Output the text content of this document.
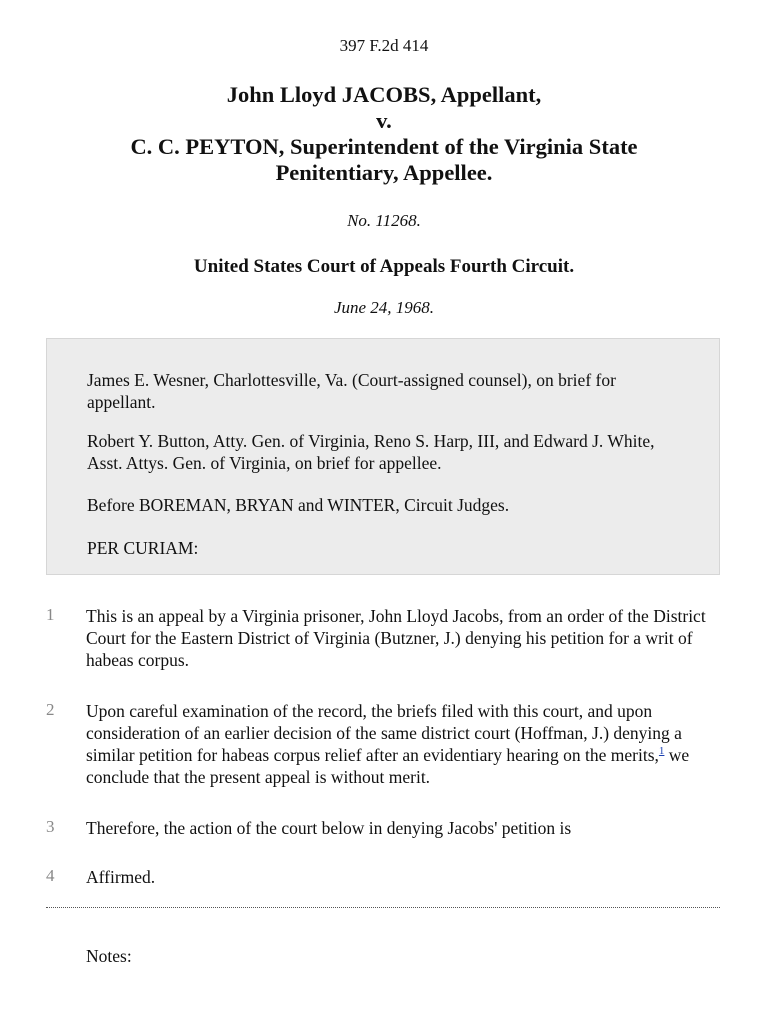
397 F.2d 414
John Lloyd JACOBS, Appellant,
v.
C. C. PEYTON, Superintendent of the Virginia State
Penitentiary, Appellee.
No. 11268.
United States Court of Appeals Fourth Circuit.
June 24, 1968.
James E. Wesner, Charlottesville, Va. (Court-assigned counsel), on brief for appellant.
Robert Y. Button, Atty. Gen. of Virginia, Reno S. Harp, III, and Edward J. White, Asst. Attys. Gen. of Virginia, on brief for appellee.
Before BOREMAN, BRYAN and WINTER, Circuit Judges.
PER CURIAM:
1 This is an appeal by a Virginia prisoner, John Lloyd Jacobs, from an order of the District Court for the Eastern District of Virginia (Butzner, J.) denying his petition for a writ of habeas corpus.
2 Upon careful examination of the record, the briefs filed with this court, and upon consideration of an earlier decision of the same district court (Hoffman, J.) denying a similar petition for habeas corpus relief after an evidentiary hearing on the merits,$^1$ we conclude that the present appeal is without merit.
3 Therefore, the action of the court below in denying Jacobs' petition is
4 Affirmed.
Notes:
